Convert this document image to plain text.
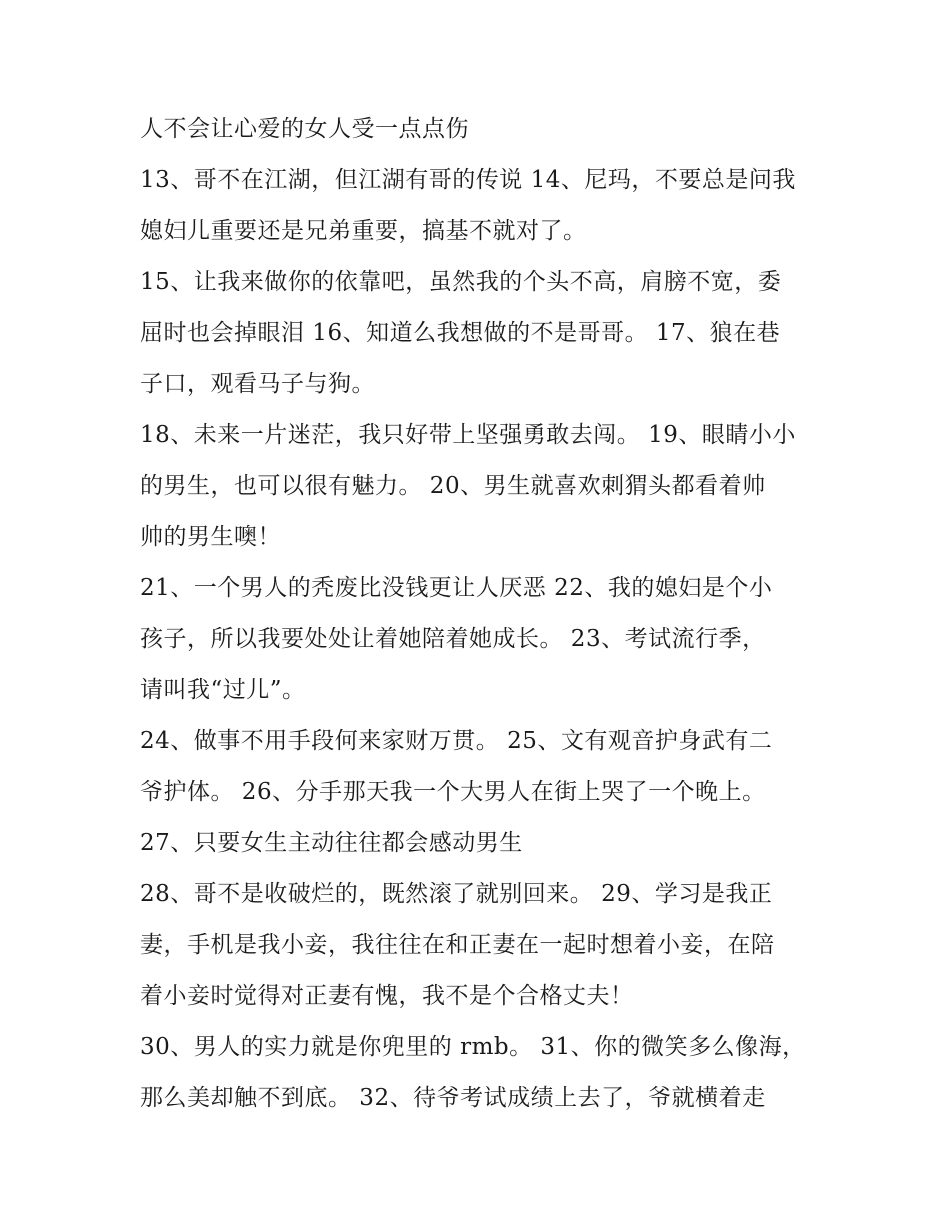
人不会让心爱的女人受一点点伤
13、哥不在江湖，但江湖有哥的传说 14、尼玛，不要总是问我
媳妇儿重要还是兄弟重要，搞基不就对了。
15、让我来做你的依靠吧，虽然我的个头不高，肩膀不宽，委
屈时也会掉眼泪 16、知道么我想做的不是哥哥。 17、狼在巷
子口，观看马子与狗。
18、未来一片迷茫，我只好带上坚强勇敢去闯。 19、眼睛小小
的男生，也可以很有魅力。 20、男生就喜欢刺猬头都看着帅
帅的男生噢！
21、一个男人的秃废比没钱更让人厌恶 22、我的媳妇是个小
孩子，所以我要处处让着她陪着她成长。 23、考试流行季，
请叫我“过儿”。
24、做事不用手段何来家财万贯。 25、文有观音护身武有二
爷护体。 26、分手那天我一个大男人在街上哭了一个晚上。
27、只要女生主动往往都会感动男生
28、哥不是收破烂的，既然滚了就别回来。 29、学习是我正
妻，手机是我小妾，我往往在和正妻在一起时想着小妾，在陪
着小妾时觉得对正妻有愧，我不是个合格丈夫！
30、男人的实力就是你兜里的 rmb。 31、你的微笑多么像海，
那么美却触不到底。 32、待爷考试成绩上去了，爷就横着走
